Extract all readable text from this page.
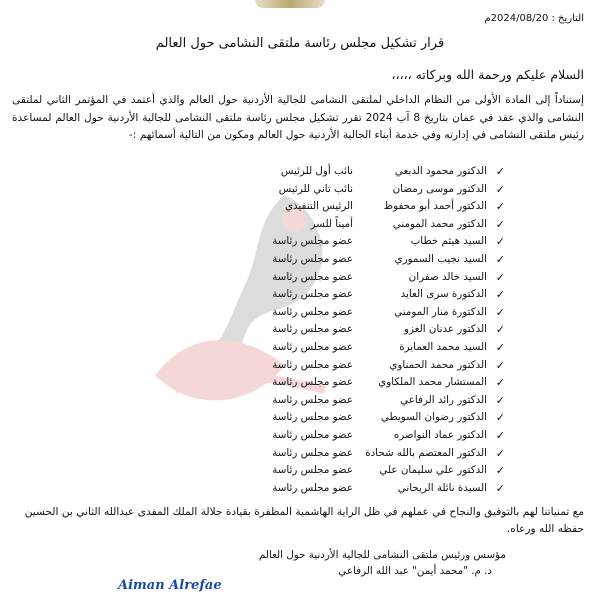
التاريخ : 2024/08/20م
قرار تشكيل مجلس رئاسة ملتقى النشامى حول العالم
السلام عليكم ورحمة الله وبركاته ،،،،،
إستناداً إلى المادة الأولى من النظام الداخلي لملتقى النشامى للجالية الأردنية حول العالم والذي أعتمد في المؤتمر الثاني لملتقى النشامى والذي عقد في عمان بتاريخ 8 آب 2024 تقرر تشكيل مجلس رئاسة ملتقى النشامى للجالية الأردنية حول العالم لمساعدة رئيس ملتقى النشامى في إدارته وفي خدمة أبناء الجالية الأردنية حول العالم ومكون من التالية أسمائهم :-
✓
الدكتور محمود الدبعي
نائب أول للرئيس
✓
الدكتور موسى رمضان
نائب ثاني للرئيس
✓
الدكتور أحمد أبو محفوظ
الرئيس التنفيذي
✓
الدكتور محمد المومني
أميناً للسر
✓
السيد هيثم خطاب
عضو مجلس رئاسة
✓
السيد نجيب السموري
عضو مجلس رئاسة
✓
السيد خالد صفران
عضو مجلس رئاسة
✓
الدكتورة سرى العايد
عضو مجلس رئاسة
✓
الدكتورة منار المومني
عضو مجلس رئاسة
✓
الدكتور عدنان الغزو
عضو مجلس رئاسة
✓
السيد محمد العمايرة
عضو مجلس رئاسة
✓
الدكتور محمد الحمناوي
عضو مجلس رئاسة
✓
المستشار محمد الملكاوي
عضو مجلس رئاسة
✓
الدكتور رائد الرفاعي
عضو مجلس رئاسة
✓
الدكتور رضوان السويطي
عضو مجلس رئاسة
✓
الدكتور عماد النواصره
عضو مجلس رئاسة
✓
الدكتور المعتصم بالله شحادة
عضو مجلس رئاسة
✓
الدكتور علي سليمان علي
عضو مجلس رئاسة
✓
السيدة نائلة الريحاني
عضو مجلس رئاسة
مع تمنياتنا لهم بالتوفيق والنجاح في عملهم في ظل الراية الهاشمية المظفرة بقيادة جلالة الملك المفدى عبدالله الثاني بن الحسين حفظه الله ورعاه.
مؤسس ورئيس ملتقى النشامى للجالية الأردنية حول العالم
د. م. "محمد أيمن" عبد الله الرفاعي
Aiman Alrefae
